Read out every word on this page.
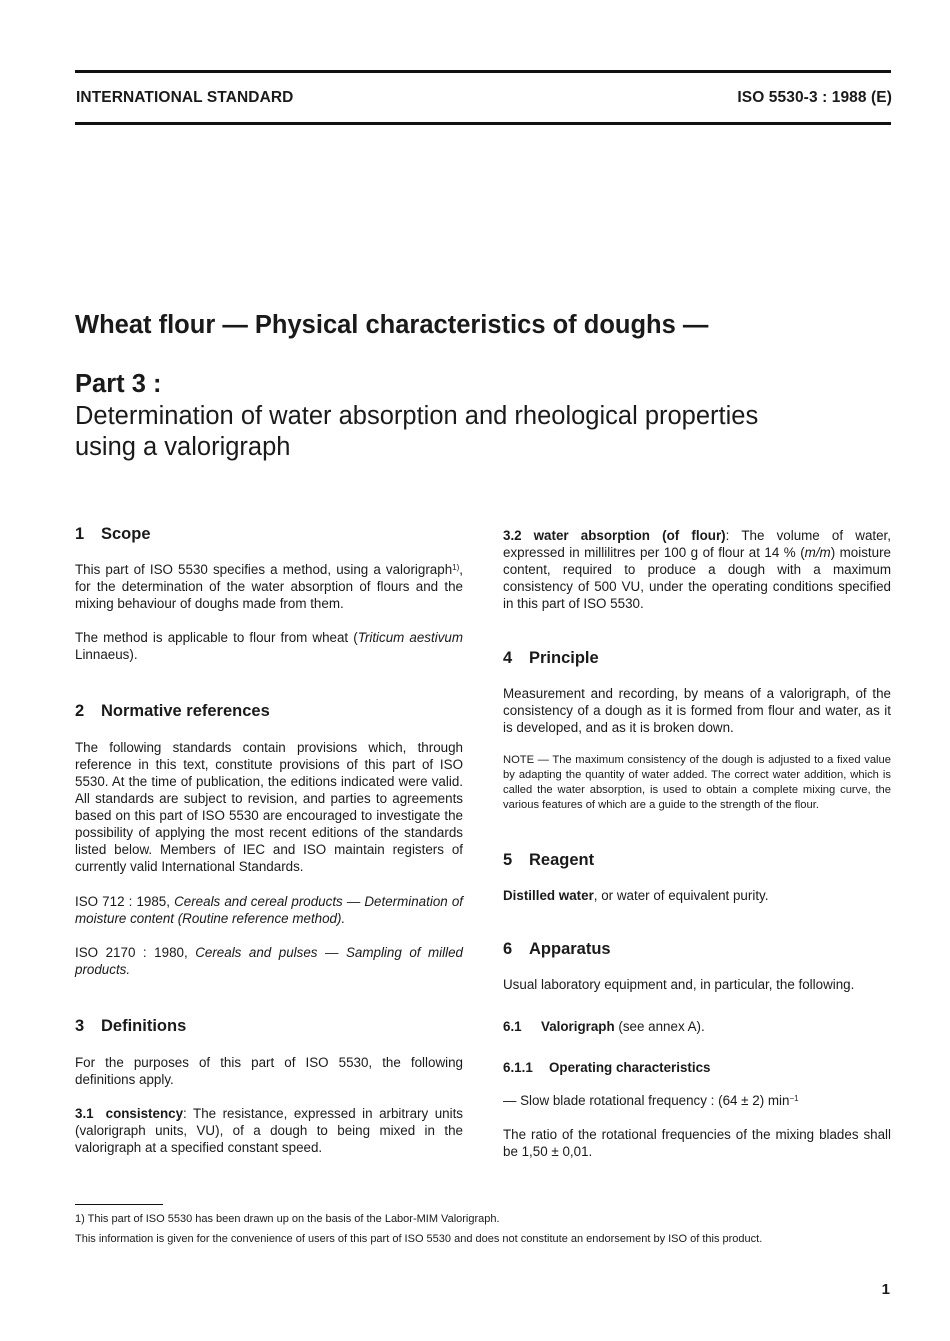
INTERNATIONAL STANDARD	ISO 5530-3 : 1988 (E)
Wheat flour — Physical characteristics of doughs —
Part 3 :
Determination of water absorption and rheological properties
using a valorigraph
1 Scope
This part of ISO 5530 specifies a method, using a valorigraph$^{1)}$, for the determination of the water absorption of flours and the mixing behaviour of doughs made from them.
The method is applicable to flour from wheat (Triticum aestivum Linnaeus).
2 Normative references
The following standards contain provisions which, through reference in this text, constitute provisions of this part of ISO 5530. At the time of publication, the editions indicated were valid. All standards are subject to revision, and parties to agreements based on this part of ISO 5530 are encouraged to investigate the possibility of applying the most recent editions of the standards listed below. Members of IEC and ISO maintain registers of currently valid International Standards.
ISO 712 : 1985, Cereals and cereal products — Determination of moisture content (Routine reference method).
ISO 2170 : 1980, Cereals and pulses — Sampling of milled products.
3 Definitions
For the purposes of this part of ISO 5530, the following definitions apply.
3.1 consistency: The resistance, expressed in arbitrary units (valorigraph units, VU), of a dough to being mixed in the valorigraph at a specified constant speed.
3.2 water absorption (of flour): The volume of water, expressed in millilitres per 100 g of flour at 14 % (m/m) moisture content, required to produce a dough with a maximum consistency of 500 VU, under the operating conditions specified in this part of ISO 5530.
4 Principle
Measurement and recording, by means of a valorigraph, of the consistency of a dough as it is formed from flour and water, as it is developed, and as it is broken down.
NOTE — The maximum consistency of the dough is adjusted to a fixed value by adapting the quantity of water added. The correct water addition, which is called the water absorption, is used to obtain a complete mixing curve, the various features of which are a guide to the strength of the flour.
5 Reagent
Distilled water, or water of equivalent purity.
6 Apparatus
Usual laboratory equipment and, in particular, the following.
6.1 Valorigraph (see annex A).
6.1.1 Operating characteristics
— Slow blade rotational frequency : (64 ± 2) $\min^{-1}$
The ratio of the rotational frequencies of the mixing blades shall be 1,50 ± 0,01.
1) This part of ISO 5530 has been drawn up on the basis of the Labor-MIM Valorigraph.
This information is given for the convenience of users of this part of ISO 5530 and does not constitute an endorsement by ISO of this product.
1
